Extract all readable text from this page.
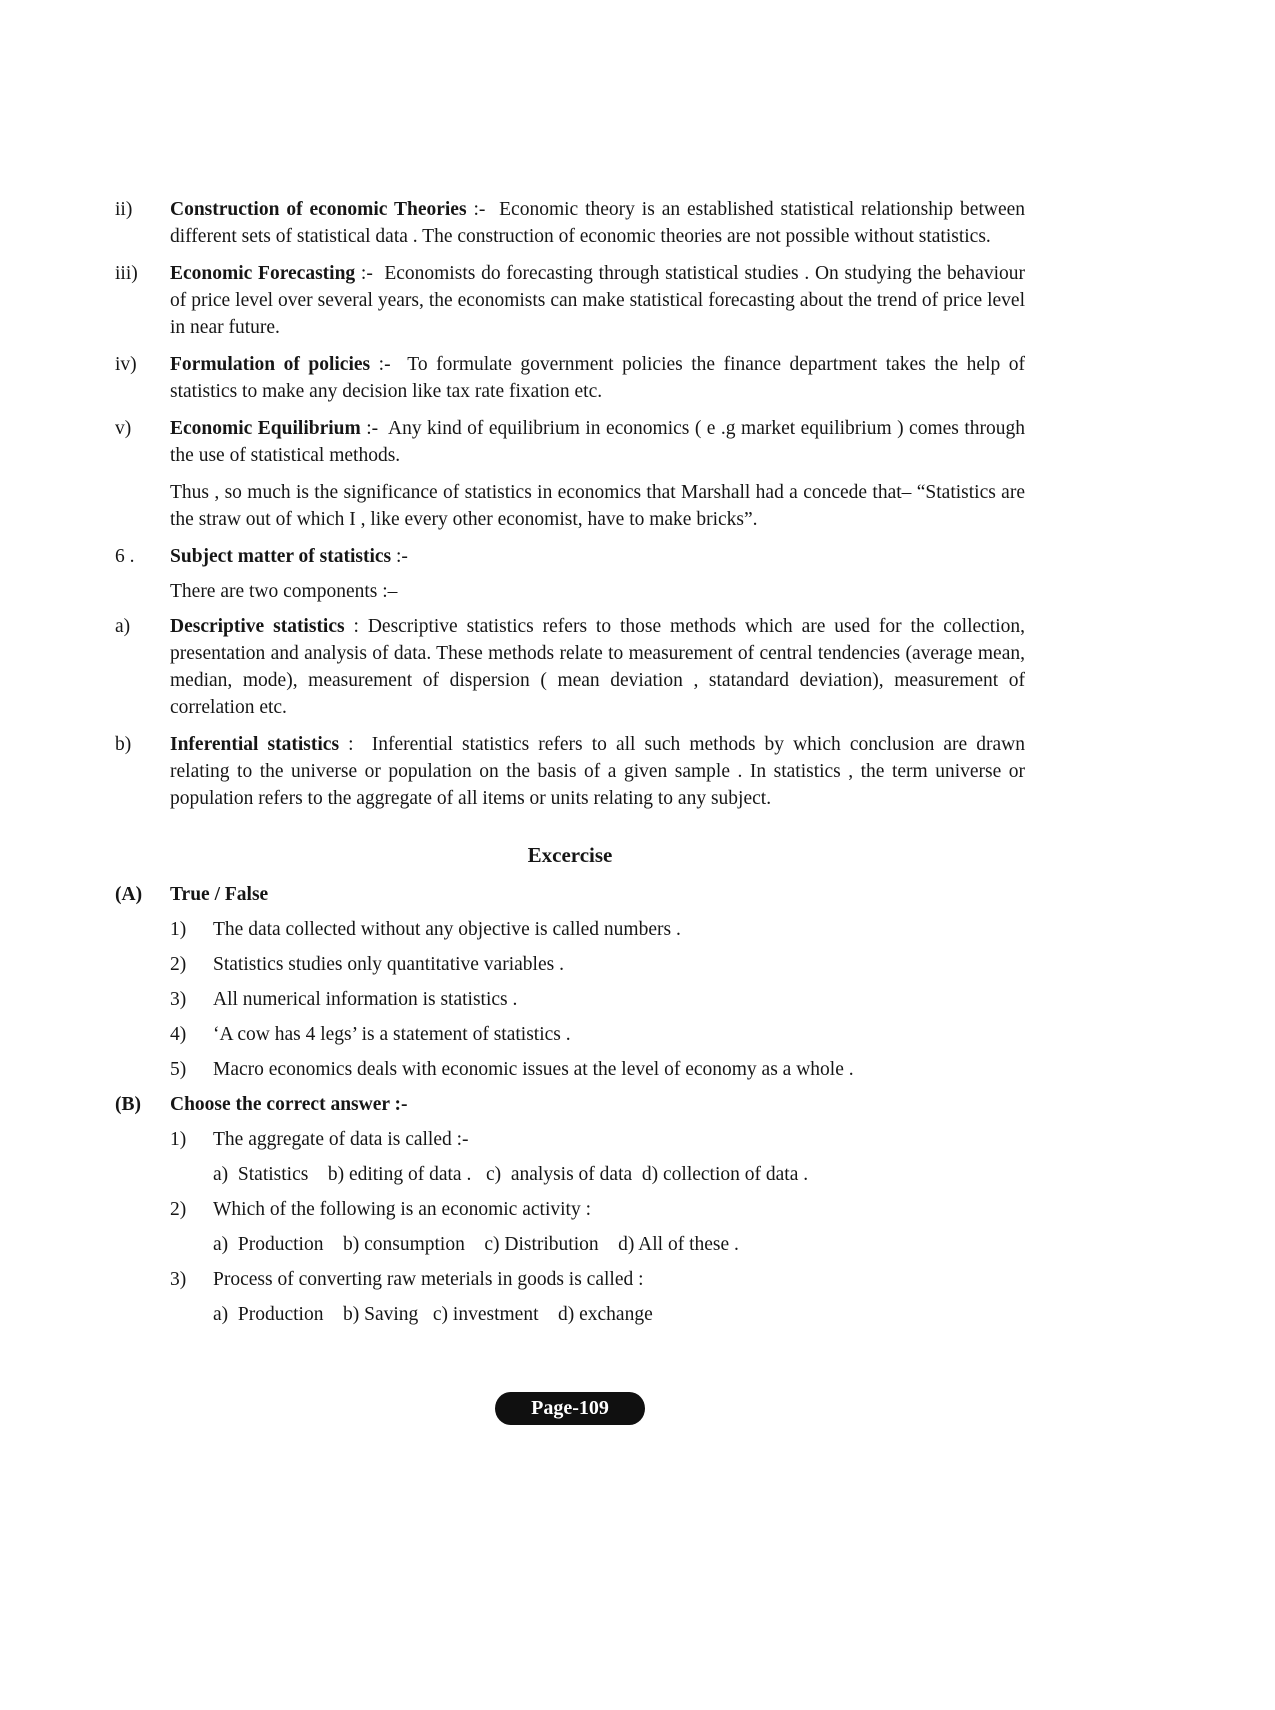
ii)	Construction of economic Theories :-  Economic theory is an established statistical relationship between different sets of statistical data . The construction of economic theories are not possible without statistics.
iii)	Economic Forecasting :-  Economists do forecasting through statistical studies . On studying the behaviour of price level over several years, the economists can make statistical forecasting about the trend of price level in near future.
iv)	Formulation of policies :-  To formulate government policies the finance department takes the help of statistics to make any decision like tax rate fixation etc.
v)	Economic Equilibrium :-  Any kind of equilibrium in economics ( e .g market equilibrium ) comes through the use of statistical methods.
Thus , so much is the significance of statistics in economics that Marshall had a concede that– “Statistics are the straw out of which I , like every other economist, have to make bricks”.
6 .	Subject matter of statistics :-
There are two components :–
a)	Descriptive statistics : Descriptive statistics refers to those methods which are used for the collection, presentation and analysis of data. These methods relate to measurement of central tendencies (average mean, median, mode), measurement of dispersion ( mean deviation , statandard deviation), measurement of correlation etc.
b)	Inferential statistics :  Inferential statistics refers to all such methods by which conclusion are drawn relating to the universe or population on the basis of a given sample . In statistics , the term universe or population refers to the aggregate of all items or units relating to any subject.
Excercise
(A)	True / False
1)	The data collected without any objective is called numbers .
2)	Statistics studies only quantitative variables .
3)	All numerical information is statistics .
4)	‘A cow has 4 legs’ is a statement of statistics .
5)	Macro economics deals with economic issues at the level of economy as a whole .
(B)	Choose the correct answer :-
1)	The aggregate of data is called :-
a)  Statistics    b) editing of data .   c)  analysis of data  d) collection of data .
2)	Which of the following is an economic activity :
a)  Production    b) consumption    c) Distribution    d) All of these .
3)	Process of converting raw meterials in goods is called :
a)  Production    b) Saving   c) investment    d) exchange
Page-109
